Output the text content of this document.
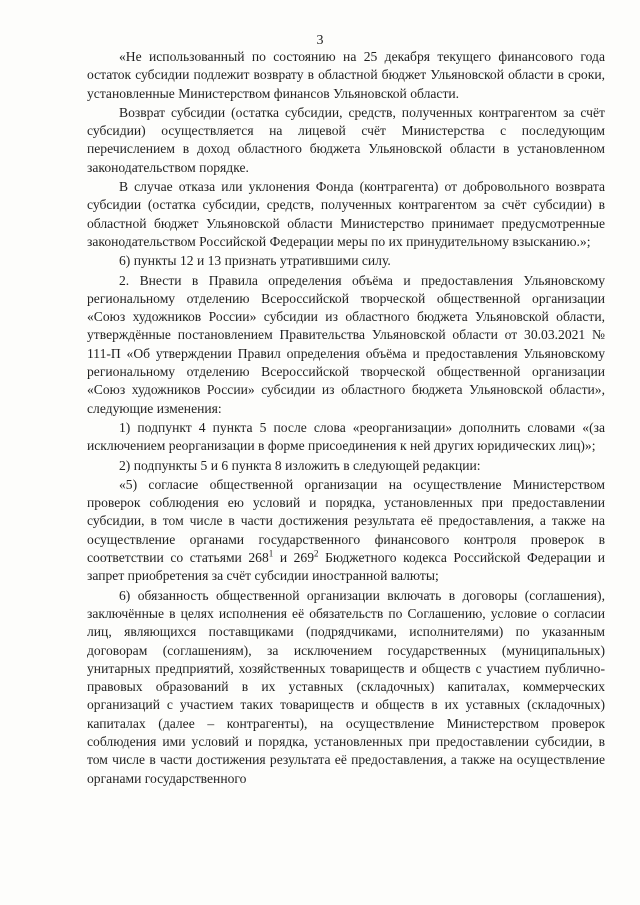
3

«Не использованный по состоянию на 25 декабря текущего финансового года остаток субсидии подлежит возврату в областной бюджет Ульяновской области в сроки, установленные Министерством финансов Ульяновской области.

Возврат субсидии (остатка субсидии, средств, полученных контрагентом за счёт субсидии) осуществляется на лицевой счёт Министерства с последующим перечислением в доход областного бюджета Ульяновской области в установленном законодательством порядке.

В случае отказа или уклонения Фонда (контрагента) от добровольного возврата субсидии (остатка субсидии, средств, полученных контрагентом за счёт субсидии) в областной бюджет Ульяновской области Министерство принимает предусмотренные законодательством Российской Федерации меры по их принудительному взысканию.»;

6) пункты 12 и 13 признать утратившими силу.

2. Внести в Правила определения объёма и предоставления Ульяновскому региональному отделению Всероссийской творческой общественной организации «Союз художников России» субсидии из областного бюджета Ульяновской области, утверждённые постановлением Правительства Ульяновской области от 30.03.2021 № 111-П «Об утверждении Правил определения объёма и предоставления Ульяновскому региональному отделению Всероссийской творческой общественной организации «Союз художников России» субсидии из областного бюджета Ульяновской области», следующие изменения:

1) подпункт 4 пункта 5 после слова «реорганизации» дополнить словами «(за исключением реорганизации в форме присоединения к ней других юридических лиц)»;

2) подпункты 5 и 6 пункта 8 изложить в следующей редакции:

«5) согласие общественной организации на осуществление Министерством проверок соблюдения ею условий и порядка, установленных при предоставлении субсидии, в том числе в части достижения результата её предоставления, а также на осуществление органами государственного финансового контроля проверок в соответствии со статьями $268^1$ и $269^2$ Бюджетного кодекса Российской Федерации и запрет приобретения за счёт субсидии иностранной валюты;

6) обязанность общественной организации включать в договоры (соглашения), заключённые в целях исполнения её обязательств по Соглашению, условие о согласии лиц, являющихся поставщиками (подрядчиками, исполнителями) по указанным договорам (соглашениям), за исключением государственных (муниципальных) унитарных предприятий, хозяйственных товариществ и обществ с участием публично-правовых образований в их уставных (складочных) капиталах, коммерческих организаций с участием таких товариществ и обществ в их уставных (складочных) капиталах (далее – контрагенты), на осуществление Министерством проверок соблюдения ими условий и порядка, установленных при предоставлении субсидии, в том числе в части достижения результата её предоставления, а также на осуществление органами государственного
